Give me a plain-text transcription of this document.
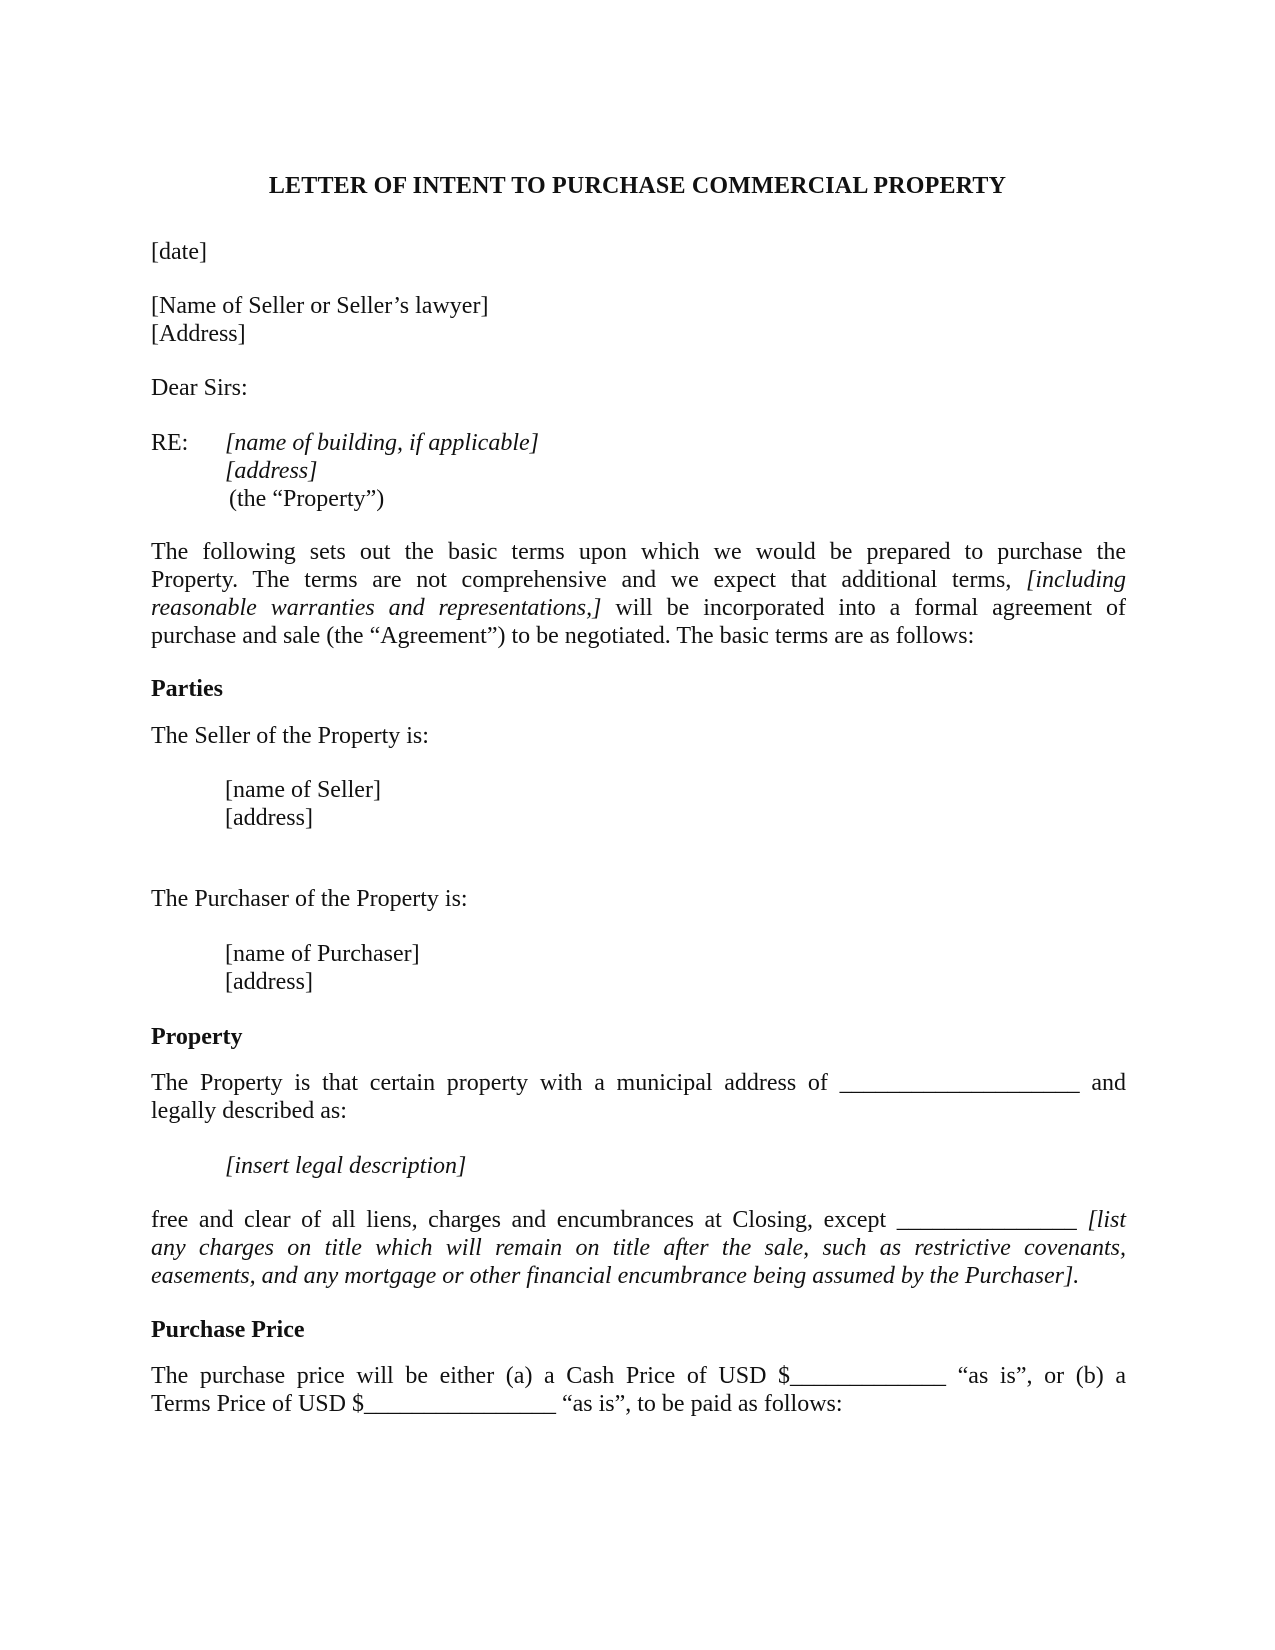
LETTER OF INTENT TO PURCHASE COMMERCIAL PROPERTY
[date]
[Name of Seller or Seller’s lawyer]
[Address]
Dear Sirs:
RE: [name of building, if applicable]
[address]
(the “Property”)
The following sets out the basic terms upon which we would be prepared to purchase the
Property. The terms are not comprehensive and we expect that additional terms, [including
reasonable warranties and representations,] will be incorporated into a formal agreement of
purchase and sale (the “Agreement”) to be negotiated. The basic terms are as follows:
Parties
The Seller of the Property is:
[name of Seller]
[address]
The Purchaser of the Property is:
[name of Purchaser]
[address]
Property
The Property is that certain property with a municipal address of ____________________ and
legally described as:
[insert legal description]
free and clear of all liens, charges and encumbrances at Closing, except _______________ [list
any charges on title which will remain on title after the sale, such as restrictive covenants,
easements, and any mortgage or other financial encumbrance being assumed by the Purchaser].
Purchase Price
The purchase price will be either (a) a Cash Price of USD $_____________ “as is”, or (b) a
Terms Price of USD $________________ “as is”, to be paid as follows:
